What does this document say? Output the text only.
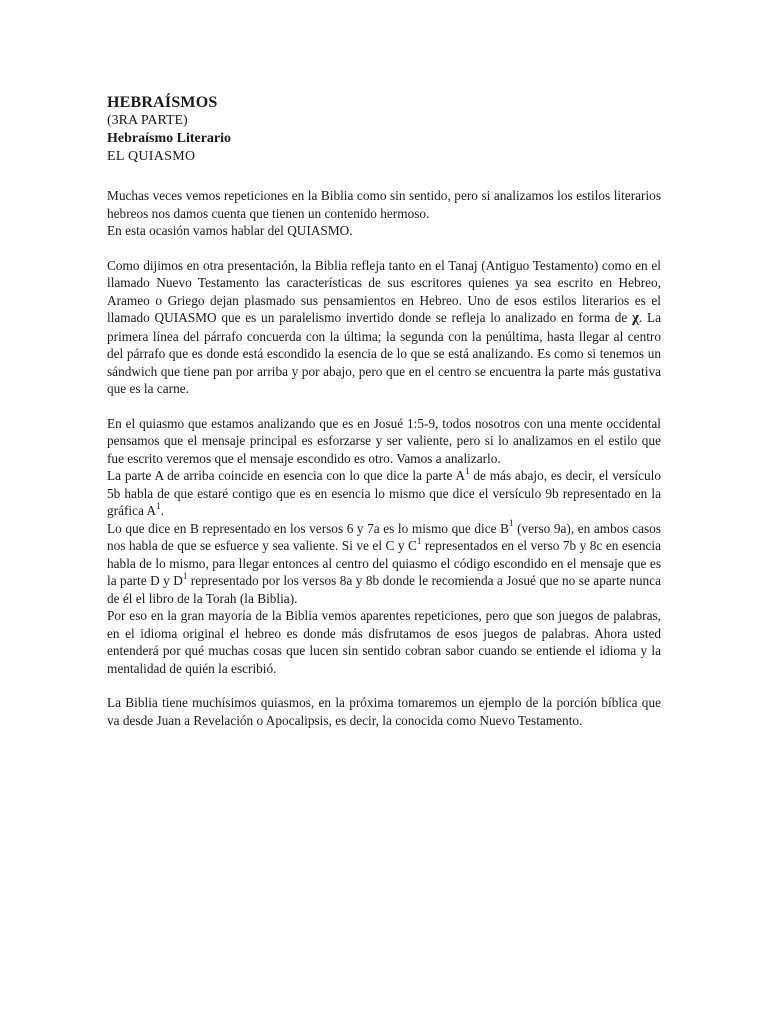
HEBRAÍSMOS

(3RA PARTE)

Hebraísmo Literario

EL QUIASMO

Muchas veces vemos repeticiones en la Biblia como sin sentido, pero si analizamos los estilos literarios hebreos nos damos cuenta que tienen un contenido hermoso.

En esta ocasión vamos hablar del QUIASMO.

Como dijimos en otra presentación, la Biblia refleja tanto en el Tanaj (Antiguo Testamento) como en el llamado Nuevo Testamento las características de sus escritores quienes ya sea escrito en Hebreo, Arameo o Griego dejan plasmado sus pensamientos en Hebreo. Uno de esos estilos literarios es el llamado QUIASMO que es un paralelismo invertido donde se refleja lo analizado en forma de χ. La primera línea del párrafo concuerda con la última; la segunda con la penúltima, hasta llegar al centro del párrafo que es donde está escondido la esencia de lo que se está analizando. Es como si tenemos un sándwich que tiene pan por arriba y por abajo, pero que en el centro se encuentra la parte más gustativa que es la carne.

En el quiasmo que estamos analizando que es en Josué 1:5-9, todos nosotros con una mente occidental pensamos que el mensaje principal es esforzarse y ser valiente, pero si lo analizamos en el estilo que fue escrito veremos que el mensaje escondido es otro. Vamos a analizarlo.

La parte A de arriba coincide en esencia con lo que dice la parte $A^1$ de más abajo, es decir, el versículo 5b habla de que estaré contigo que es en esencia lo mismo que dice el versículo 9b representado en la gráfica $A^1$.

Lo que dice en B representado en los versos 6 y 7a es lo mismo que dice $B^1$ (verso 9a), en ambos casos nos habla de que se esfuerce y sea valiente. Si ve el C y $C^1$ representados en el verso 7b y 8c en esencia habla de lo mismo, para llegar entonces al centro del quiasmo el código escondido en el mensaje que es la parte D y $D^1$ representado por los versos 8a y 8b donde le recomienda a Josué que no se aparte nunca de él el libro de la Torah (la Biblia).

Por eso en la gran mayoría de la Biblia vemos aparentes repeticiones, pero que son juegos de palabras, en el idioma original el hebreo es donde más disfrutamos de esos juegos de palabras. Ahora usted entenderá por qué muchas cosas que lucen sin sentido cobran sabor cuando se entiende el idioma y la mentalidad de quién la escribió.

La Biblia tiene muchísimos quiasmos, en la próxima tomaremos un ejemplo de la porción bíblica que va desde Juan a Revelación o Apocalipsis, es decir, la conocida como Nuevo Testamento.
